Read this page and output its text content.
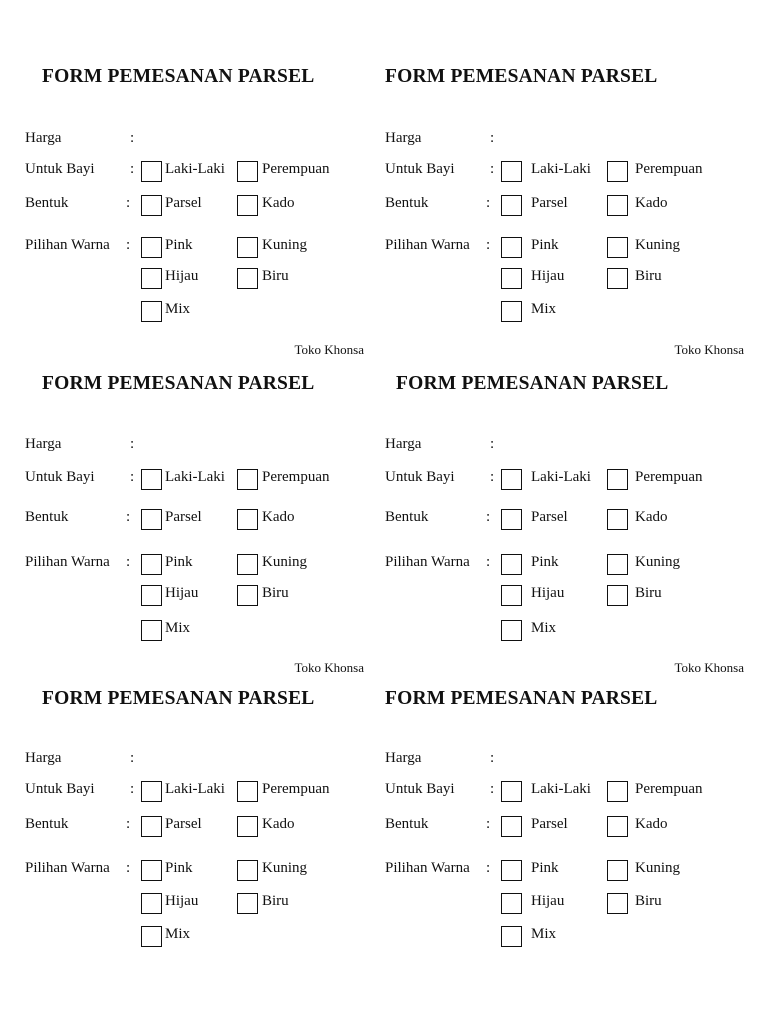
FORM PEMESANAN PARSEL
Harga	:
Untuk Bayi : Laki-Laki Perempuan
Bentuk	: Parsel	Kado
Pilihan Warna : Pink	Kuning
Hijau	Biru
Mix
Toko Khonsa
FORM PEMESANAN PARSEL
Harga	:
Untuk Bayi : Laki-Laki	Perempuan
Bentuk	:	Parsel	Kado
Pilihan Warna :	Pink	Kuning
Hijau	Biru
Mix
Toko Khonsa
FORM PEMESANAN PARSEL
Harga	:
Untuk Bayi : Laki-Laki Perempuan
Bentuk	: Parsel	Kado
Pilihan Warna : Pink	Kuning
Hijau	Biru
Mix
Toko Khonsa
FORM PEMESANAN PARSEL
Harga	:
Untuk Bayi : Laki-Laki	Perempuan
Bentuk	:	Parsel	Kado
Pilihan Warna :	Pink	Kuning
Hijau	Biru
Mix
Toko Khonsa
FORM PEMESANAN PARSEL
Harga	:
Untuk Bayi : Laki-Laki Perempuan
Bentuk	: Parsel	Kado
Pilihan Warna : Pink	Kuning
Hijau	Biru
Mix
FORM PEMESANAN PARSEL
Harga	:
Untuk Bayi : Laki-Laki	Perempuan
Bentuk	:	Parsel	Kado
Pilihan Warna :	Pink	Kuning
Hijau	Biru
Mix
